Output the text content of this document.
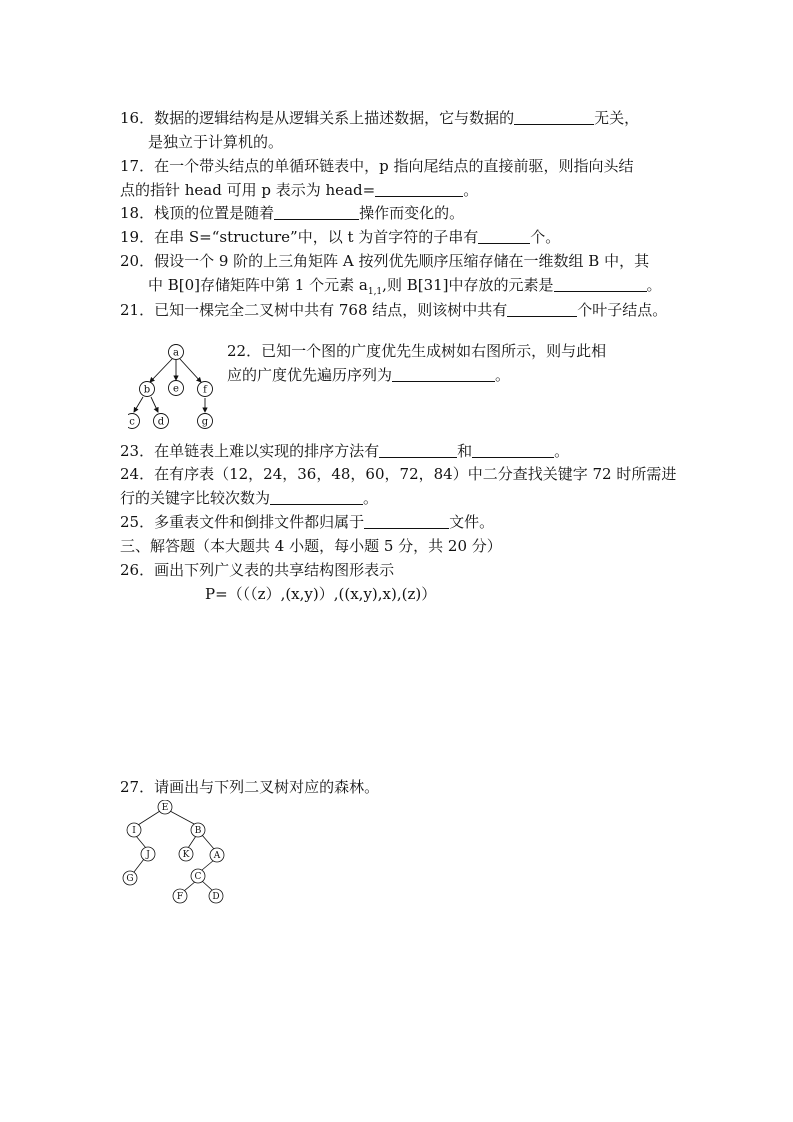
16．数据的逻辑结构是从逻辑关系上描述数据，它与数据的	无关，
是独立于计算机的。
17．在一个带头结点的单循环链表中，p 指向尾结点的直接前驱，则指向头结
点的指针 head 可用 p 表示为 head=	。
18．栈顶的位置是随着	操作而变化的。
19．在串 S=“structure”中，以 t 为首字符的子串有	个。
20．假设一个 9 阶的上三角矩阵 A 按列优先顺序压缩存储在一维数组 B 中，其
中 B[0]存储矩阵中第 1 个元素 $a_{1,1}$,则 B[31]中存放的元素是	。
21．已知一棵完全二叉树中共有 768 结点，则该树中共有	个叶子结点。
a
b e f
c d	g
22．已知一个图的广度优先生成树如右图所示，则与此相
应的广度优先遍历序列为	。
23．在单链表上难以实现的排序方法有	和	。
24．在有序表（12，24，36，48，60，72，84）中二分查找关键字 72 时所需进
行的关键字比较次数为	。
25．多重表文件和倒排文件都归属于	文件。
三、解答题（本大题共 4 小题，每小题 5 分，共 20 分）
26．画出下列广义表的共享结构图形表示
P=（（（z）,(x,y)）,((x,y),x),(z)）
27．请画出与下列二叉树对应的森林。
E
I	B
J	K	A
G	C
F	D
